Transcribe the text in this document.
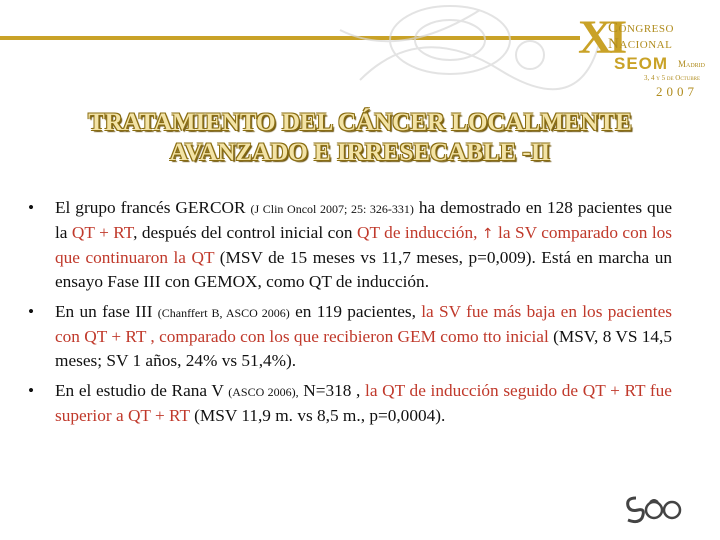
XI
Congreso
Nacional
SEOM Madrid
3, 4 y 5 de Octubre
2007
TRATAMIENTO DEL CÁNCER LOCALMENTE
AVANZADO E IRRESECABLE -II
• El grupo francés GERCOR (J Clin Oncol 2007; 25: 326-331) ha demostrado en 128 pacientes que la QT + RT, después del control inicial con QT de inducción, ↑ la SV comparado con los que continuaron la QT (MSV de 15 meses vs 11,7 meses, p=0,009). Está en marcha un ensayo Fase III con GEMOX, como QT de inducción.
• En un fase III (Chanffert B, ASCO 2006) en 119 pacientes, la SV fue más baja en los pacientes con QT + RT , comparado con los que recibieron GEM como tto inicial (MSV, 8 VS 14,5 meses; SV 1 años, 24% vs 51,4%).
• En el estudio de Rana V (ASCO 2006), N=318 , la QT de inducción seguido de QT + RT fue superior a QT + RT (MSV 11,9 m. vs 8,5 m., p=0,0004).
